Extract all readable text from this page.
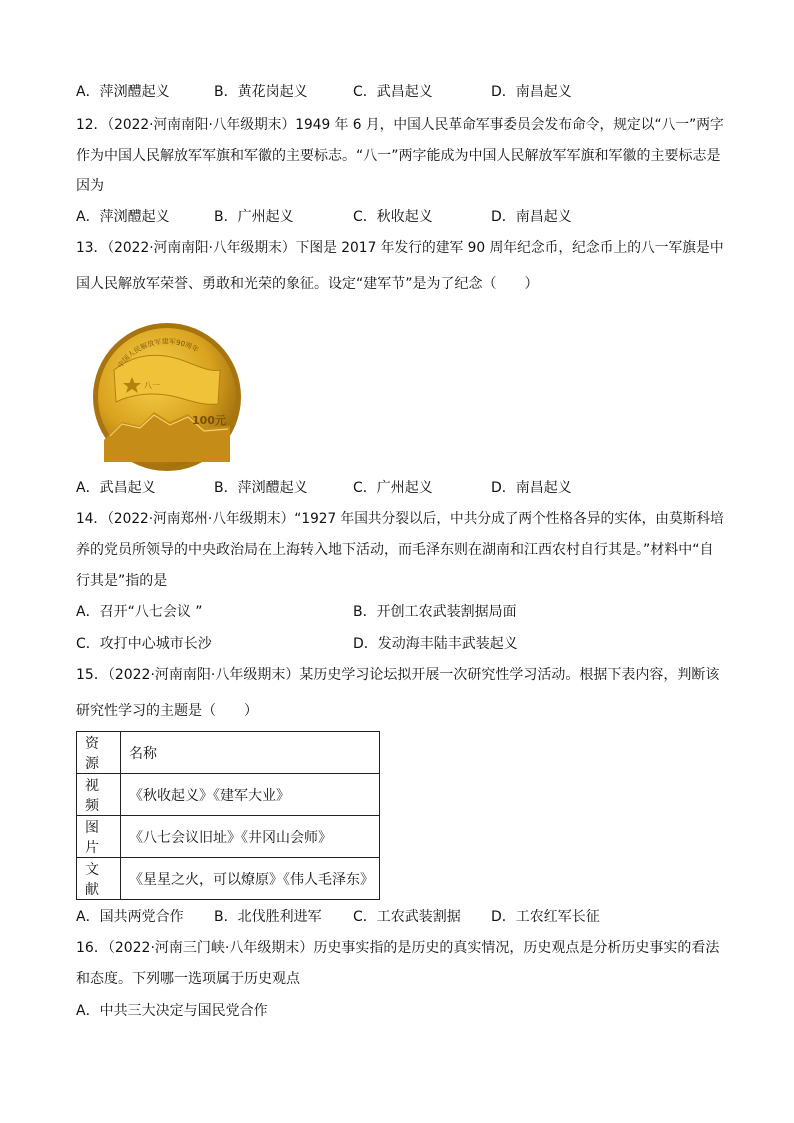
A．萍浏醴起义	B．黄花岗起义	C．武昌起义	D．南昌起义
12．（2022·河南南阳·八年级期末）1949 年 6 月，中国人民革命军事委员会发布命令，规定以“八一”两字
作为中国人民解放军军旗和军徽的主要标志。“八一”两字能成为中国人民解放军军旗和军徽的主要标志是
因为
A．萍浏醴起义	B．广州起义	C．秋收起义	D．南昌起义
13．（2022·河南南阳·八年级期末）下图是 2017 年发行的建军 90 周年纪念币，纪念币上的八一军旗是中
国人民解放军荣誉、勇敢和光荣的象征。设定“建军节”是为了纪念（　　）
八一
100元
中国人民解放军建军90周年
A．武昌起义	B．萍浏醴起义	C．广州起义	D．南昌起义
14．（2022·河南郑州·八年级期末）“1927 年国共分裂以后，中共分成了两个性格各异的实体，由莫斯科培
养的党员所领导的中央政治局在上海转入地下活动，而毛泽东则在湖南和江西农村自行其是。”材料中“自
行其是”指的是
A．召开“八七会议 ”	B．开创工农武装割据局面
C．攻打中心城市长沙	D．发动海丰陆丰武装起义
15．（2022·河南南阳·八年级期末）某历史学习论坛拟开展一次研究性学习活动。根据下表内容，判断该
研究性学习的主题是（　　）
资源	名称
视频	《秋收起义》《建军大业》
图片	《八七会议旧址》《井冈山会师》
文献	《星星之火，可以燎原》《伟人毛泽东》
A．国共两党合作 B．北伐胜利进军 C．工农武装割据 D．工农红军长征
16．（2022·河南三门峡·八年级期末）历史事实指的是历史的真实情况，历史观点是分析历史事实的看法
和态度。下列哪一选项属于历史观点
A．中共三大决定与国民党合作
